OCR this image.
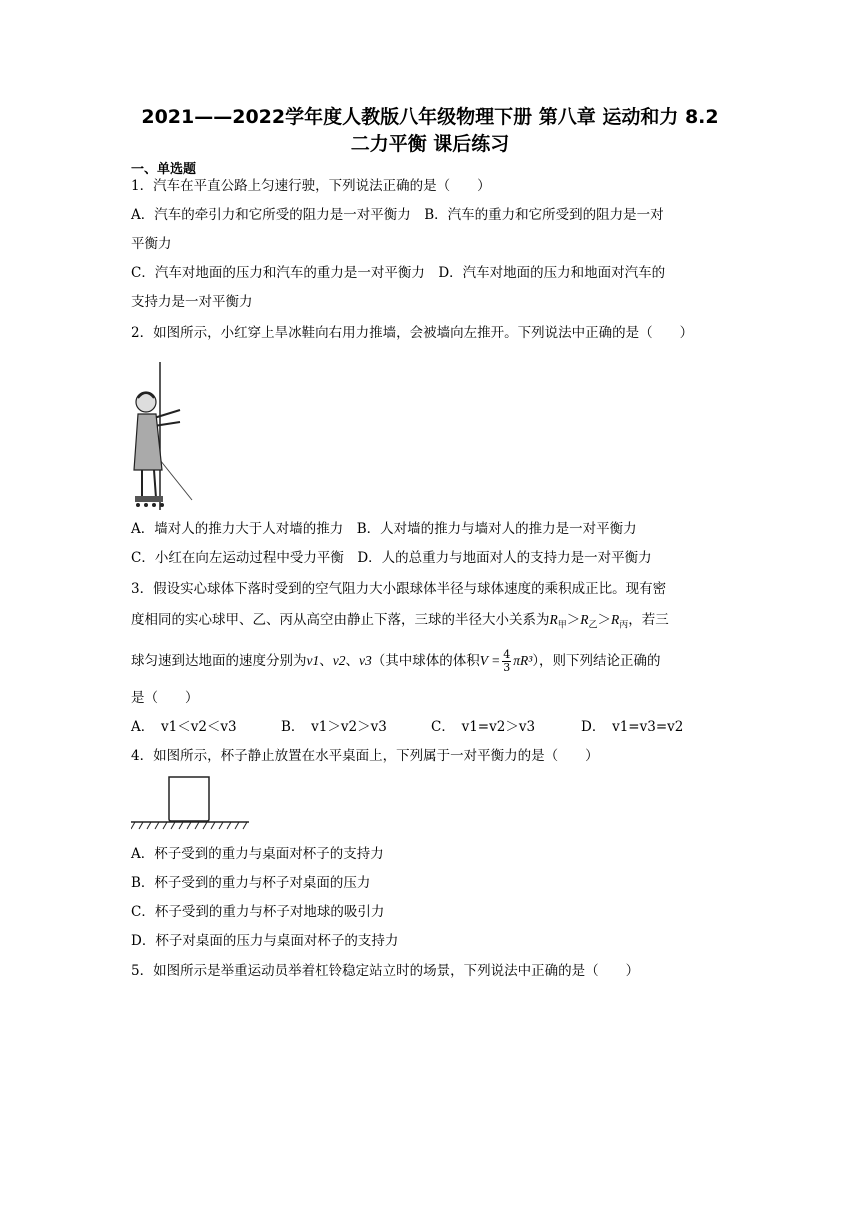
2021——2022学年度人教版八年级物理下册 第八章 运动和力 8.2
二力平衡 课后练习
一、单选题
1．汽车在平直公路上匀速行驶，下列说法正确的是（　　）
A．汽车的牵引力和它所受的阻力是一对平衡力　B．汽车的重力和它所受到的阻力是一对
平衡力
C．汽车对地面的压力和汽车的重力是一对平衡力　D．汽车对地面的压力和地面对汽车的
支持力是一对平衡力
2．如图所示，小红穿上旱冰鞋向右用力推墙，会被墙向左推开。下列说法中正确的是（　　）
A．墙对人的推力大于人对墙的推力　B．人对墙的推力与墙对人的推力是一对平衡力
C．小红在向左运动过程中受力平衡　D．人的总重力与地面对人的支持力是一对平衡力
3．假设实心球体下落时受到的空气阻力大小跟球体半径与球体速度的乘积成正比。现有密
度相同的实心球甲、乙、丙从高空由静止下落，三球的半径大小关系为$R_甲>R_乙>R_丙$，若三
球匀速到达地面的速度分别为v1、v2、v3（其中球体的体积$V = \frac{4}{3} \pi R^3$），则下列结论正确的
是（　　）
A．　v1＜v2＜v3	B．　v1＞v2＞v3	C．　v1=v2＞v3	D．　v1=v3=v2
4．如图所示，杯子静止放置在水平桌面上，下列属于一对平衡力的是（　　）
A．杯子受到的重力与桌面对杯子的支持力
B．杯子受到的重力与杯子对桌面的压力
C．杯子受到的重力与杯子对地球的吸引力
D．杯子对桌面的压力与桌面对杯子的支持力
5．如图所示是举重运动员举着杠铃稳定站立时的场景，下列说法中正确的是（　　）
